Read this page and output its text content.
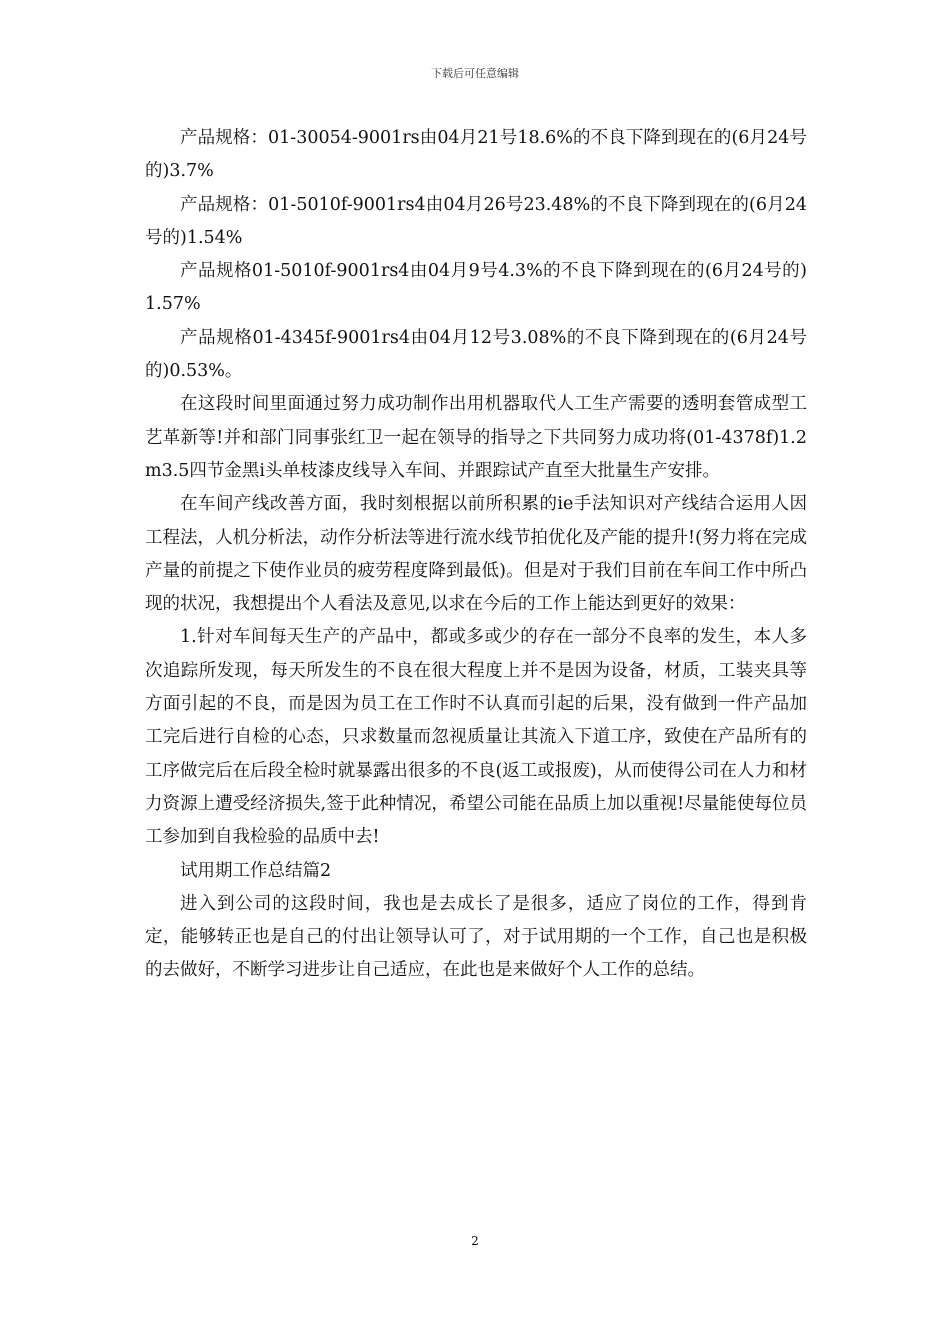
下载后可任意编辑

产品规格：01-30054-9001rs由04月21号18.6%的不良下降到现在的(6月24号的)3.7%

产品规格：01-5010f-9001rs4由04月26号23.48%的不良下降到现在的(6月24号的)1.54%

产品规格01-5010f-9001rs4由04月9号4.3%的不良下降到现在的(6月24号的)1.57%

产品规格01-4345f-9001rs4由04月12号3.08%的不良下降到现在的(6月24号的)0.53%。

在这段时间里面通过努力成功制作出用机器取代人工生产需要的透明套管成型工艺革新等!并和部门同事张红卫一起在领导的指导之下共同努力成功将(01-4378f)1.2m3.5四节金黑i头单枝漆皮线导入车间、并跟踪试产直至大批量生产安排。

在车间产线改善方面，我时刻根据以前所积累的ie手法知识对产线结合运用人因工程法，人机分析法，动作分析法等进行流水线节拍优化及产能的提升!(努力将在完成产量的前提之下使作业员的疲劳程度降到最低)。但是对于我们目前在车间工作中所凸现的状况，我想提出个人看法及意见,以求在今后的工作上能达到更好的效果：

1.针对车间每天生产的产品中，都或多或少的存在一部分不良率的发生，本人多次追踪所发现，每天所发生的不良在很大程度上并不是因为设备，材质，工装夹具等方面引起的不良，而是因为员工在工作时不认真而引起的后果，没有做到一件产品加工完后进行自检的心态，只求数量而忽视质量让其流入下道工序，致使在产品所有的工序做完后在后段全检时就暴露出很多的不良(返工或报废)，从而使得公司在人力和材力资源上遭受经济损失,签于此种情况，希望公司能在品质上加以重视!尽量能使每位员工参加到自我检验的品质中去!

试用期工作总结篇2

进入到公司的这段时间，我也是去成长了是很多，适应了岗位的工作，得到肯定，能够转正也是自己的付出让领导认可了，对于试用期的一个工作，自己也是积极的去做好，不断学习进步让自己适应，在此也是来做好个人工作的总结。

2
